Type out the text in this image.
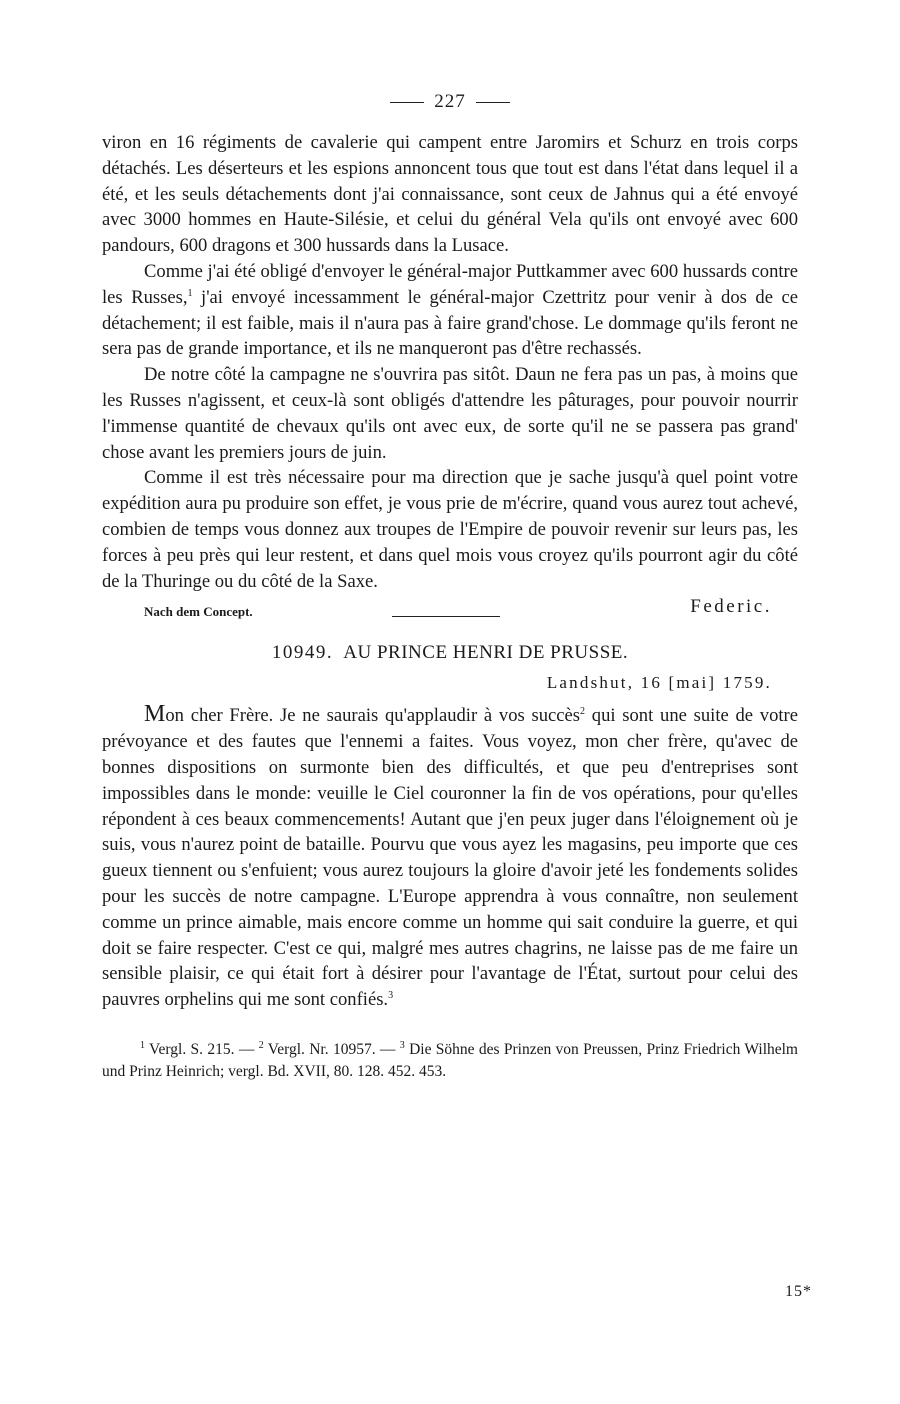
227

viron en 16 régiments de cavalerie qui campent entre Jaromirs et Schurz en trois corps détachés. Les déserteurs et les espions annoncent tous que tout est dans l'état dans lequel il a été, et les seuls détachements dont j'ai connaissance, sont ceux de Jahnus qui a été envoyé avec 3000 hommes en Haute-Silésie, et celui du général Vela qu'ils ont envoyé avec 600 pandours, 600 dragons et 300 hussards dans la Lusace.

Comme j'ai été obligé d'envoyer le général-major Puttkammer avec 600 hussards contre les Russes,$^1$ j'ai envoyé incessamment le général-major Czettritz pour venir à dos de ce détachement; il est faible, mais il n'aura pas à faire grand'chose. Le dommage qu'ils feront ne sera pas de grande importance, et ils ne manqueront pas d'être rechassés.

De notre côté la campagne ne s'ouvrira pas sitôt. Daun ne fera pas un pas, à moins que les Russes n'agissent, et ceux-là sont obligés d'attendre les pâturages, pour pouvoir nourrir l'immense quantité de chevaux qu'ils ont avec eux, de sorte qu'il ne se passera pas grand' chose avant les premiers jours de juin.

Comme il est très nécessaire pour ma direction que je sache jusqu'à quel point votre expédition aura pu produire son effet, je vous prie de m'écrire, quand vous aurez tout achevé, combien de temps vous donnez aux troupes de l'Empire de pouvoir revenir sur leurs pas, les forces à peu près qui leur restent, et dans quel mois vous croyez qu'ils pourront agir du côté de la Thuringe ou du côté de la Saxe.

Nach dem Concept.	Federic.
10949. AU PRINCE HENRI DE PRUSSE.
Landshut, 16 [mai] 1759.

Mon cher Frère. Je ne saurais qu'applaudir à vos succès$^2$ qui sont une suite de votre prévoyance et des fautes que l'ennemi a faites. Vous voyez, mon cher frère, qu'avec de bonnes dispositions on surmonte bien des difficultés, et que peu d'entreprises sont impossibles dans le monde: veuille le Ciel couronner la fin de vos opérations, pour qu'elles répondent à ces beaux commencements! Autant que j'en peux juger dans l'éloignement où je suis, vous n'aurez point de bataille. Pourvu que vous ayez les magasins, peu importe que ces gueux tiennent ou s'enfuient; vous aurez toujours la gloire d'avoir jeté les fondements solides pour les succès de notre campagne. L'Europe apprendra à vous connaître, non seulement comme un prince aimable, mais encore comme un homme qui sait conduire la guerre, et qui doit se faire respecter. C'est ce qui, malgré mes autres chagrins, ne laisse pas de me faire un sensible plaisir, ce qui était fort à désirer pour l'avantage de l'État, surtout pour celui des pauvres orphelins qui me sont confiés.$^3$

$^1$ Vergl. S. 215. — $^2$ Vergl. Nr. 10957. — $^3$ Die Söhne des Prinzen von Preussen, Prinz Friedrich Wilhelm und Prinz Heinrich; vergl. Bd. XVII, 80. 128. 452. 453.

15*
